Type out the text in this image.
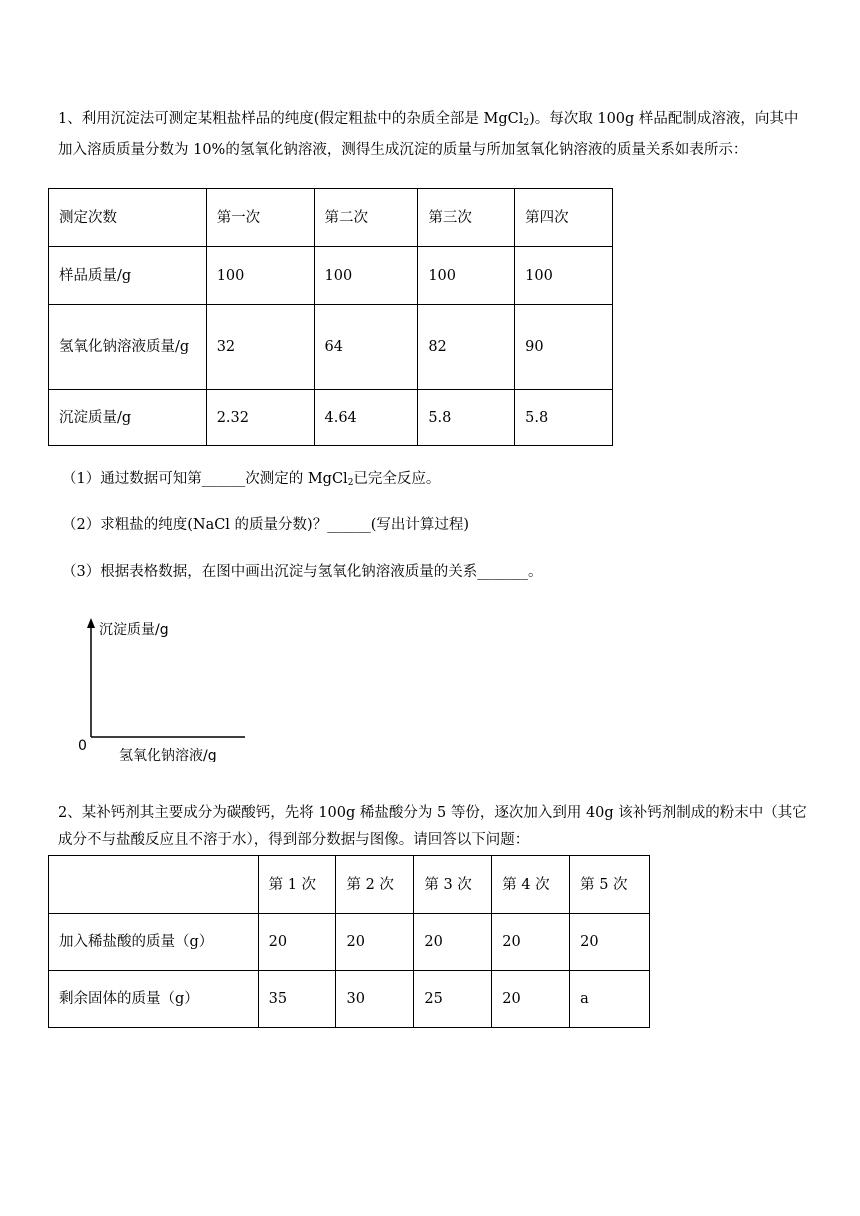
1、利用沉淀法可测定某粗盐样品的纯度(假定粗盐中的杂质全部是 MgCl$_2$)。每次取 100g 样品配制成溶液，向其中加入溶质质量分数为 10%的氢氧化钠溶液，测得生成沉淀的质量与所加氢氧化钠溶液的质量关系如表所示：
测定次数	第一次	第二次	第三次	第四次
样品质量/g	100	100	100	100
氢氧化钠溶液质量/g	32	64	82	90
沉淀质量/g	2.32	4.64	5.8	5.8
（1）通过数据可知第______次测定的 MgCl$_2$已完全反应。
（2）求粗盐的纯度(NaCl 的质量分数)？______(写出计算过程)
（3）根据表格数据，在图中画出沉淀与氢氧化钠溶液质量的关系_______。
沉淀质量/g
0
氢氧化钠溶液/g
2、某补钙剂其主要成分为碳酸钙，先将 100g 稀盐酸分为 5 等份，逐次加入到用 40g 该补钙剂制成的粉末中（其它成分不与盐酸反应且不溶于水），得到部分数据与图像。请回答以下问题：
	第 1 次	第 2 次	第 3 次	第 4 次	第 5 次
加入稀盐酸的质量（g）	20	20	20	20	20
剩余固体的质量（g）	35	30	25	20	a
